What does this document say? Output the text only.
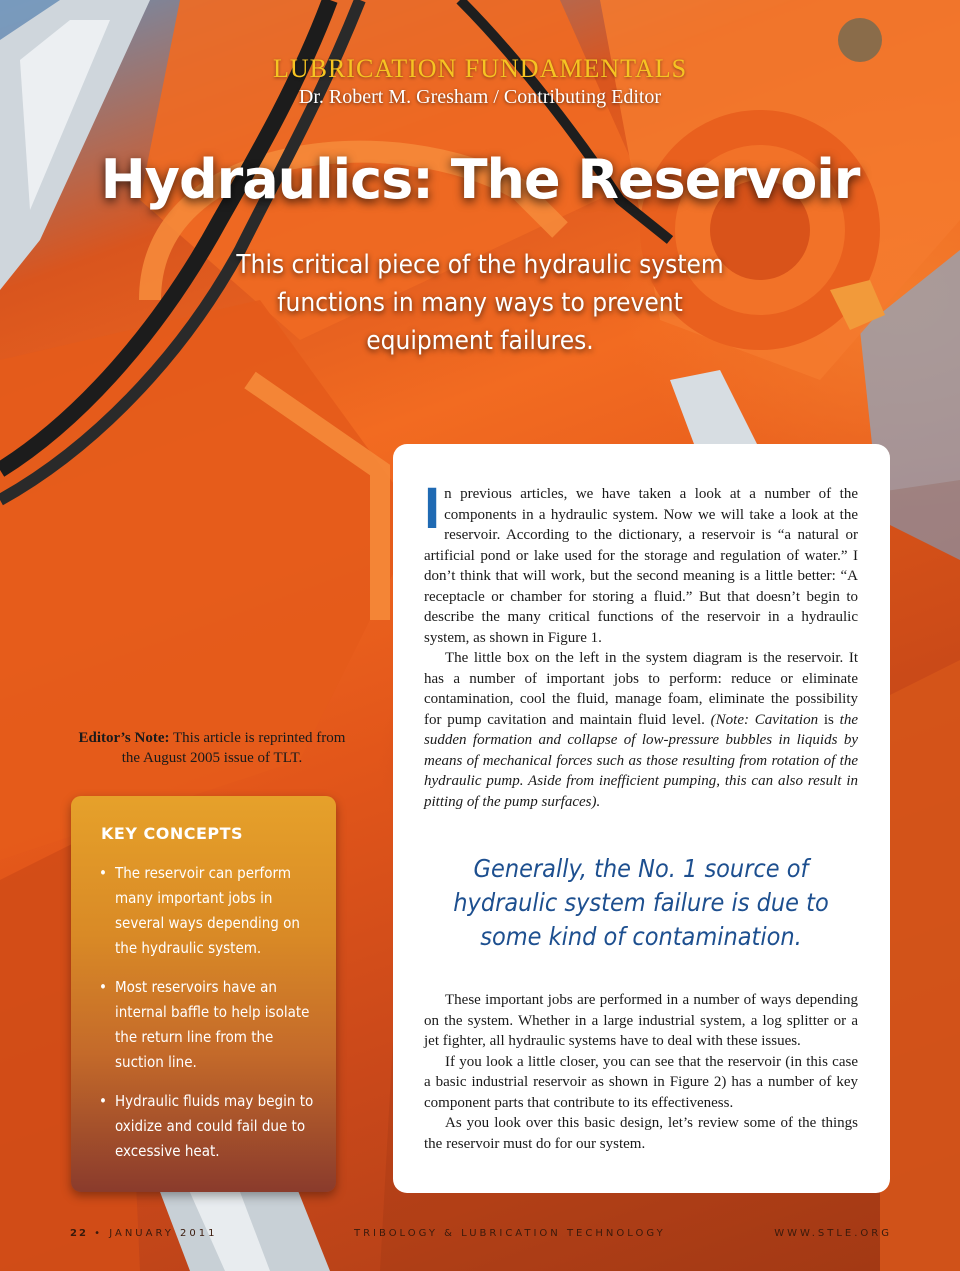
LUBRICATION FUNDAMENTALS
Dr. Robert M. Gresham / Contributing Editor
Hydraulics: The Reservoir
This critical piece of the hydraulic system functions in many ways to prevent equipment failures.
Editor’s Note: This article is reprinted from the August 2005 issue of TLT.
KEY CONCEPTS
• The reservoir can perform many important jobs in several ways depending on the hydraulic system.
• Most reservoirs have an internal baffle to help isolate the return line from the suction line.
• Hydraulic fluids may begin to oxidize and could fail due to excessive heat.

In previous articles, we have taken a look at a number of the components in a hydraulic system. Now we will take a look at the reservoir. According to the dictionary, a reservoir is “a natural or artificial pond or lake used for the storage and regulation of water.” I don’t think that will work, but the second meaning is a little better: “A receptacle or chamber for storing a fluid.” But that doesn’t begin to describe the many critical functions of the reservoir in a hydraulic system, as shown in Figure 1.

The little box on the left in the system diagram is the reservoir. It has a number of important jobs to perform: reduce or eliminate contamination, cool the fluid, manage foam, eliminate the possibility for pump cavitation and maintain fluid level. (Note: Cavitation is the sudden formation and collapse of low-pressure bubbles in liquids by means of mechanical forces such as those resulting from rotation of the hydraulic pump. Aside from inefficient pumping, this can also result in pitting of the pump surfaces).

Generally, the No. 1 source of hydraulic system failure is due to some kind of contamination.

These important jobs are performed in a number of ways depending on the system. Whether in a large industrial system, a log splitter or a jet fighter, all hydraulic systems have to deal with these issues.

If you look a little closer, you can see that the reservoir (in this case a basic industrial reservoir as shown in Figure 2) has a number of key component parts that contribute to its effectiveness.

As you look over this basic design, let’s review some of the things the reservoir must do for our system.

22 • JANUARY 2011	TRIBOLOGY & LUBRICATION TECHNOLOGY	WWW.STLE.ORG
